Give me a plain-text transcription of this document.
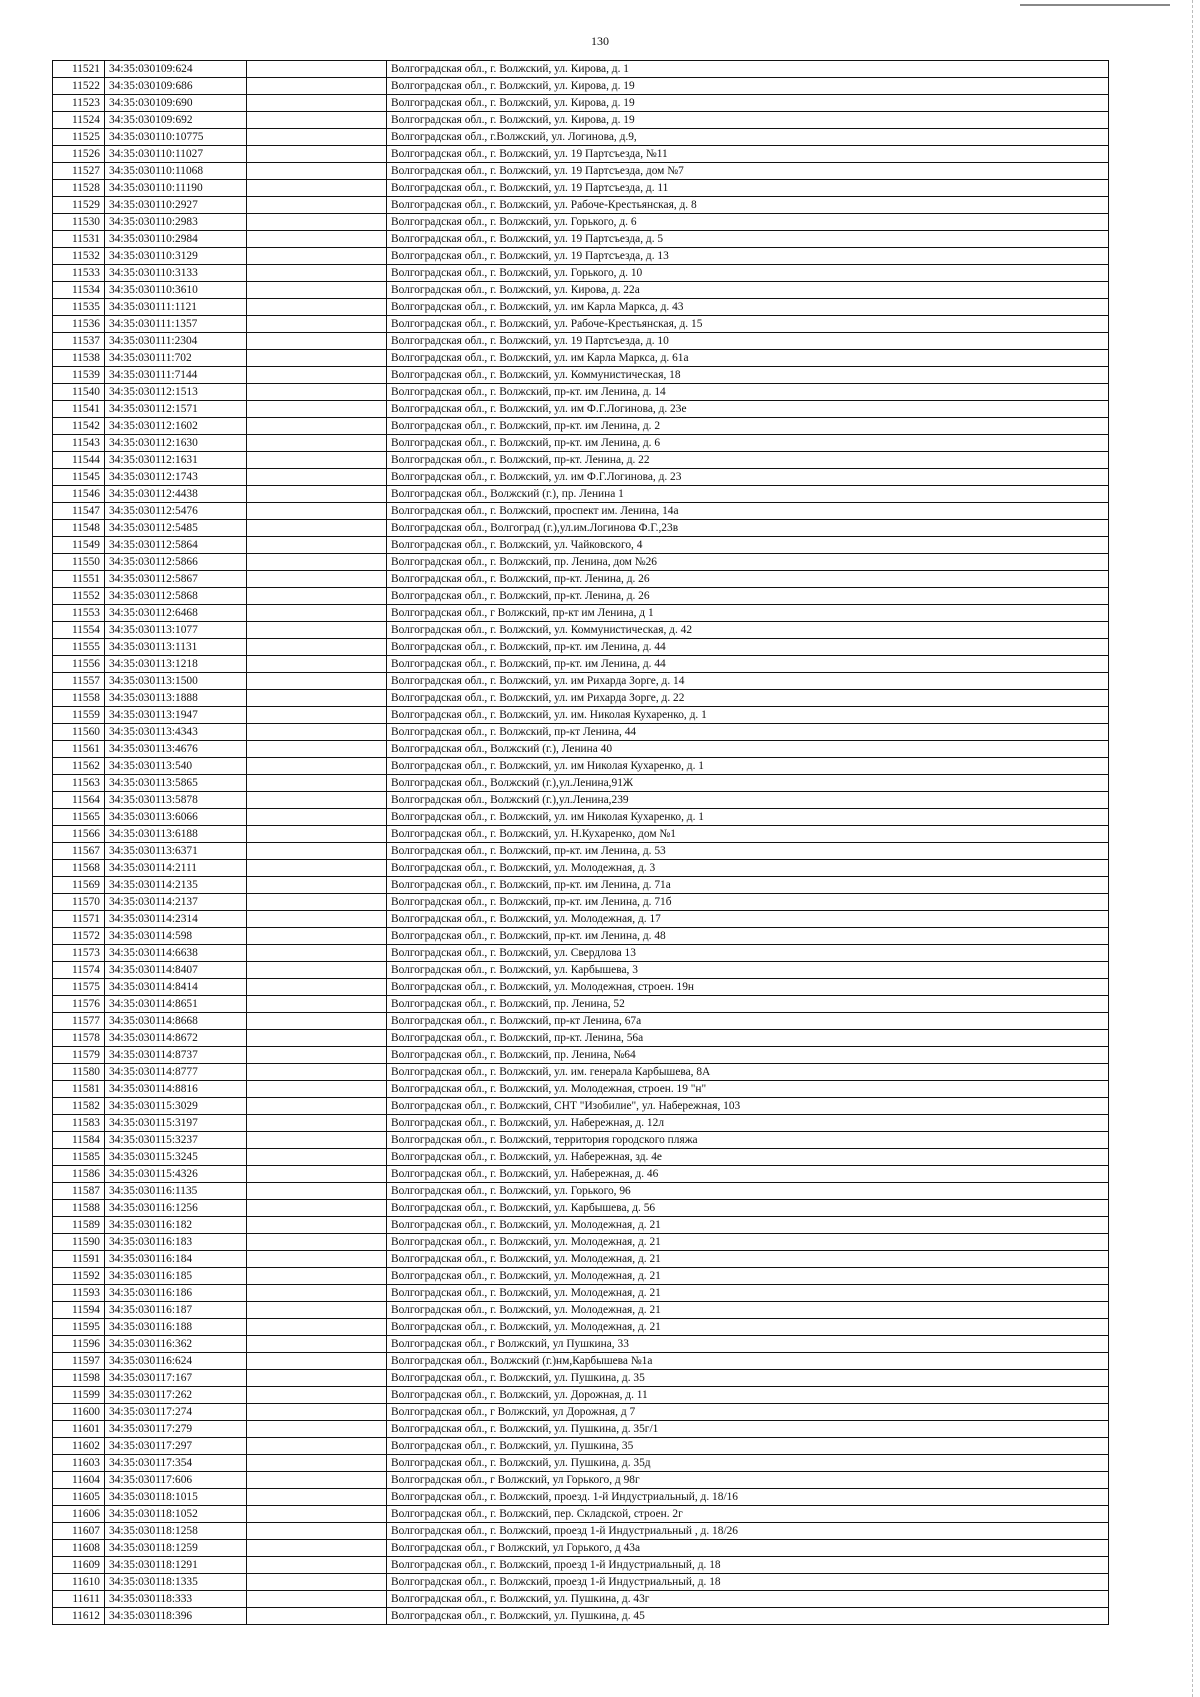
130
11521	34:35:030109:624		Волгоградская обл., г. Волжский, ул. Кирова, д. 1
11522	34:35:030109:686		Волгоградская обл., г. Волжский, ул. Кирова, д. 19
11523	34:35:030109:690		Волгоградская обл., г. Волжский, ул. Кирова, д. 19
11524	34:35:030109:692		Волгоградская обл., г. Волжский, ул. Кирова, д. 19
11525	34:35:030110:10775		Волгоградская обл., г.Волжский, ул. Логинова, д.9,
11526	34:35:030110:11027		Волгоградская обл., г. Волжский, ул. 19 Партсъезда, №11
11527	34:35:030110:11068		Волгоградская обл., г. Волжский, ул. 19 Партсъезда, дом №7
11528	34:35:030110:11190		Волгоградская обл., г. Волжский, ул. 19 Партсъезда, д. 11
11529	34:35:030110:2927		Волгоградская обл., г. Волжский, ул. Рабоче-Крестьянская, д. 8
11530	34:35:030110:2983		Волгоградская обл., г. Волжский, ул. Горького, д. 6
11531	34:35:030110:2984		Волгоградская обл., г. Волжский, ул. 19 Партсъезда, д. 5
11532	34:35:030110:3129		Волгоградская обл., г. Волжский, ул. 19 Партсъезда, д. 13
11533	34:35:030110:3133		Волгоградская обл., г. Волжский, ул. Горького, д. 10
11534	34:35:030110:3610		Волгоградская обл., г. Волжский, ул. Кирова, д. 22а
11535	34:35:030111:1121		Волгоградская обл., г. Волжский, ул. им Карла Маркса, д. 43
11536	34:35:030111:1357		Волгоградская обл., г. Волжский, ул. Рабоче-Крестьянская, д. 15
11537	34:35:030111:2304		Волгоградская обл., г. Волжский, ул. 19 Партсъезда, д. 10
11538	34:35:030111:702		Волгоградская обл., г. Волжский, ул. им Карла Маркса, д. 61а
11539	34:35:030111:7144		Волгоградская обл., г. Волжский, ул. Коммунистическая, 18
11540	34:35:030112:1513		Волгоградская обл., г. Волжский, пр-кт. им Ленина, д. 14
11541	34:35:030112:1571		Волгоградская обл., г. Волжский, ул. им Ф.Г.Логинова, д. 23е
11542	34:35:030112:1602		Волгоградская обл., г. Волжский, пр-кт. им Ленина, д. 2
11543	34:35:030112:1630		Волгоградская обл., г. Волжский, пр-кт. им Ленина, д. 6
11544	34:35:030112:1631		Волгоградская обл., г. Волжский, пр-кт. Ленина, д. 22
11545	34:35:030112:1743		Волгоградская обл., г. Волжский, ул. им Ф.Г.Логинова, д. 23
11546	34:35:030112:4438		Волгоградская обл., Волжский (г.), пр. Ленина 1
11547	34:35:030112:5476		Волгоградская обл., г. Волжский, проспект им. Ленина, 14а
11548	34:35:030112:5485		Волгоградская обл., Волгоград (г.),ул.им.Логинова Ф.Г.,23в
11549	34:35:030112:5864		Волгоградская обл., г. Волжский, ул. Чайковского, 4
11550	34:35:030112:5866		Волгоградская обл., г. Волжский, пр. Ленина, дом №26
11551	34:35:030112:5867		Волгоградская обл., г. Волжский, пр-кт. Ленина, д. 26
11552	34:35:030112:5868		Волгоградская обл., г. Волжский, пр-кт. Ленина, д. 26
11553	34:35:030112:6468		Волгоградская обл., г Волжский, пр-кт им Ленина, д 1
11554	34:35:030113:1077		Волгоградская обл., г. Волжский, ул. Коммунистическая, д. 42
11555	34:35:030113:1131		Волгоградская обл., г. Волжский, пр-кт. им Ленина, д. 44
11556	34:35:030113:1218		Волгоградская обл., г. Волжский, пр-кт. им Ленина, д. 44
11557	34:35:030113:1500		Волгоградская обл., г. Волжский, ул. им Рихарда Зорге, д. 14
11558	34:35:030113:1888		Волгоградская обл., г. Волжский, ул. им Рихарда Зорге, д. 22
11559	34:35:030113:1947		Волгоградская обл., г. Волжский, ул. им. Николая Кухаренко, д. 1
11560	34:35:030113:4343		Волгоградская обл., г. Волжский, пр-кт Ленина, 44
11561	34:35:030113:4676		Волгоградская обл., Волжский (г.), Ленина 40
11562	34:35:030113:540		Волгоградская обл., г. Волжский, ул. им Николая Кухаренко, д. 1
11563	34:35:030113:5865		Волгоградская обл., Волжский (г.),ул.Ленина,91Ж
11564	34:35:030113:5878		Волгоградская обл., Волжский (г.),ул.Ленина,239
11565	34:35:030113:6066		Волгоградская обл., г. Волжский, ул. им Николая Кухаренко, д. 1
11566	34:35:030113:6188		Волгоградская обл., г. Волжский, ул. Н.Кухаренко, дом №1
11567	34:35:030113:6371		Волгоградская обл., г. Волжский, пр-кт. им Ленина, д. 53
11568	34:35:030114:2111		Волгоградская обл., г. Волжский, ул. Молодежная, д. 3
11569	34:35:030114:2135		Волгоградская обл., г. Волжский, пр-кт. им Ленина, д. 71а
11570	34:35:030114:2137		Волгоградская обл., г. Волжский, пр-кт. им Ленина, д. 71б
11571	34:35:030114:2314		Волгоградская обл., г. Волжский, ул. Молодежная, д. 17
11572	34:35:030114:598		Волгоградская обл., г. Волжский, пр-кт. им Ленина, д. 48
11573	34:35:030114:6638		Волгоградская обл., г. Волжский, ул. Свердлова 13
11574	34:35:030114:8407		Волгоградская обл., г. Волжский, ул. Карбышева, 3
11575	34:35:030114:8414		Волгоградская обл., г. Волжский, ул. Молодежная, строен. 19н
11576	34:35:030114:8651		Волгоградская обл., г. Волжский, пр. Ленина, 52
11577	34:35:030114:8668		Волгоградская обл., г. Волжский, пр-кт Ленина, 67а
11578	34:35:030114:8672		Волгоградская обл., г. Волжский, пр-кт. Ленина, 56а
11579	34:35:030114:8737		Волгоградская обл., г. Волжский, пр. Ленина, №64
11580	34:35:030114:8777		Волгоградская обл., г. Волжский, ул. им. генерала Карбышева, 8А
11581	34:35:030114:8816		Волгоградская обл., г. Волжский, ул. Молодежная, строен. 19 "н"
11582	34:35:030115:3029		Волгоградская обл., г. Волжский, СНТ "Изобилие", ул. Набережная, 103
11583	34:35:030115:3197		Волгоградская обл., г. Волжский, ул. Набережная, д. 12л
11584	34:35:030115:3237		Волгоградская обл., г. Волжский, территория городского пляжа
11585	34:35:030115:3245		Волгоградская обл., г. Волжский, ул. Набережная, зд. 4е
11586	34:35:030115:4326		Волгоградская обл., г. Волжский, ул. Набережная, д. 46
11587	34:35:030116:1135		Волгоградская обл., г. Волжский, ул. Горького, 96
11588	34:35:030116:1256		Волгоградская обл., г. Волжский, ул. Карбышева, д. 56
11589	34:35:030116:182		Волгоградская обл., г. Волжский, ул. Молодежная, д. 21
11590	34:35:030116:183		Волгоградская обл., г. Волжский, ул. Молодежная, д. 21
11591	34:35:030116:184		Волгоградская обл., г. Волжский, ул. Молодежная, д. 21
11592	34:35:030116:185		Волгоградская обл., г. Волжский, ул. Молодежная, д. 21
11593	34:35:030116:186		Волгоградская обл., г. Волжский, ул. Молодежная, д. 21
11594	34:35:030116:187		Волгоградская обл., г. Волжский, ул. Молодежная, д. 21
11595	34:35:030116:188		Волгоградская обл., г. Волжский, ул. Молодежная, д. 21
11596	34:35:030116:362		Волгоградская обл., г Волжский, ул Пушкина, 33
11597	34:35:030116:624		Волгоградская обл., Волжский (г.)нм,Карбышева №1а
11598	34:35:030117:167		Волгоградская обл., г. Волжский, ул. Пушкина, д. 35
11599	34:35:030117:262		Волгоградская обл., г. Волжский, ул. Дорожная, д. 11
11600	34:35:030117:274		Волгоградская обл., г Волжский, ул Дорожная, д 7
11601	34:35:030117:279		Волгоградская обл., г. Волжский, ул. Пушкина, д. 35г/1
11602	34:35:030117:297		Волгоградская обл., г. Волжский, ул. Пушкина, 35
11603	34:35:030117:354		Волгоградская обл., г. Волжский, ул. Пушкина, д. 35д
11604	34:35:030117:606		Волгоградская обл., г Волжский, ул Горького, д 98г
11605	34:35:030118:1015		Волгоградская обл., г. Волжский, проезд. 1-й Индустриальный, д. 18/16
11606	34:35:030118:1052		Волгоградская обл., г. Волжский, пер. Складской, строен. 2г
11607	34:35:030118:1258		Волгоградская обл., г. Волжский, проезд 1-й Индустриальный , д. 18/26
11608	34:35:030118:1259		Волгоградская обл., г Волжский, ул Горького, д 43а
11609	34:35:030118:1291		Волгоградская обл., г. Волжский, проезд 1-й Индустриальный, д. 18
11610	34:35:030118:1335		Волгоградская обл., г. Волжский, проезд 1-й Индустриальный, д. 18
11611	34:35:030118:333		Волгоградская обл., г. Волжский, ул. Пушкина, д. 43г
11612	34:35:030118:396		Волгоградская обл., г. Волжский, ул. Пушкина, д. 45
